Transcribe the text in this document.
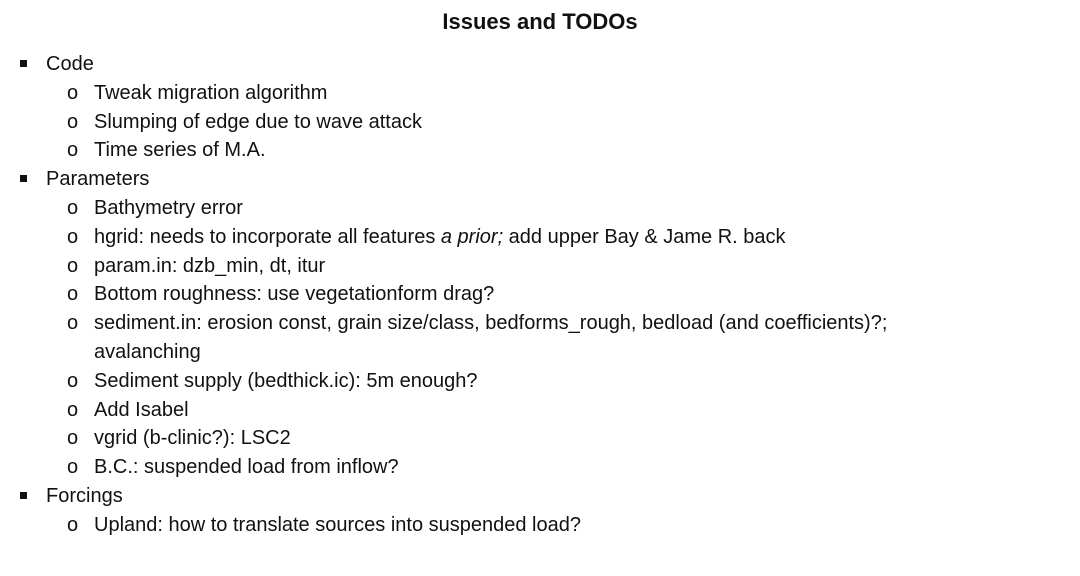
Issues and TODOs
Code
o Tweak migration algorithm
o Slumping of edge due to wave attack
o Time series of M.A.
Parameters
o Bathymetry error
o hgrid: needs to incorporate all features a prior; add upper Bay & Jame R. back
o param.in: dzb_min, dt, itur
o Bottom roughness: use vegetationform drag?
o sediment.in: erosion const, grain size/class, bedforms_rough, bedload (and coefficients)?;
avalanching
o Sediment supply (bedthick.ic): 5m enough?
o Add Isabel
o vgrid (b-clinic?): LSC2
o B.C.: suspended load from inflow?
Forcings
o Upland: how to translate sources into suspended load?
